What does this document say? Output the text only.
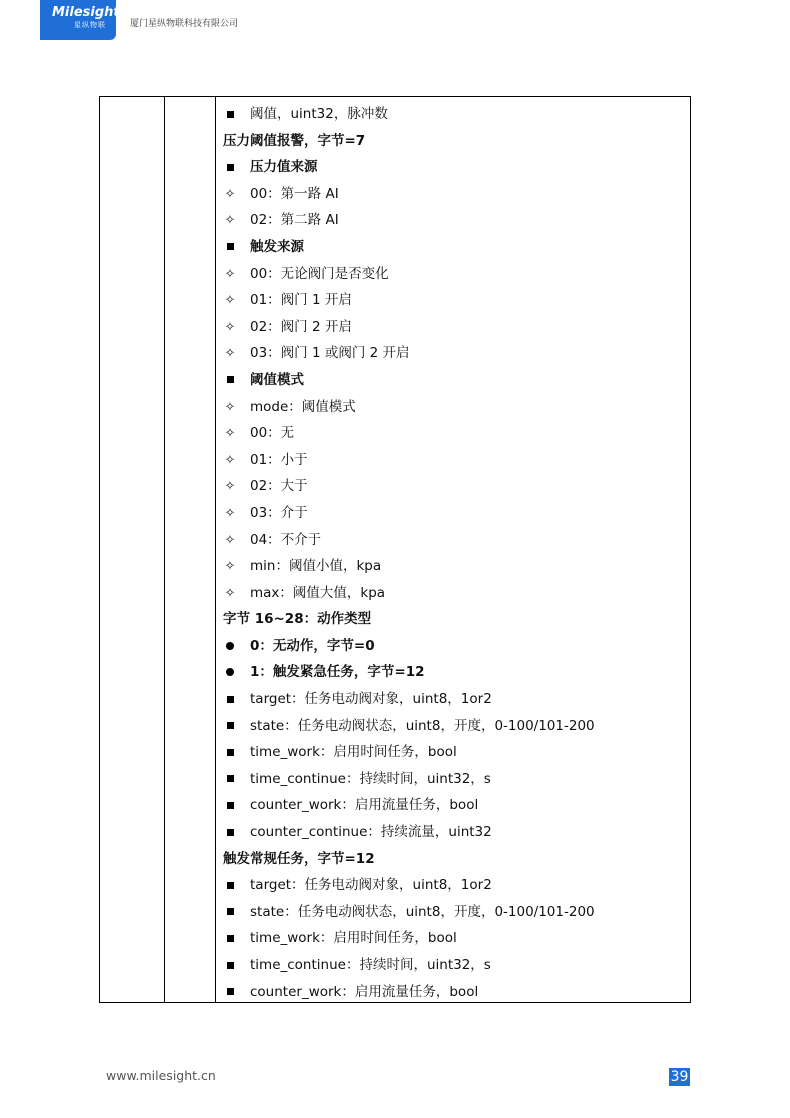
Milesight
星纵物联	厦门星纵物联科技有限公司
阈值，uint32，脉冲数
压力阈值报警，字节=7
压力值来源
✧ 00：第一路 AI
✧ 02：第二路 AI
触发来源
✧ 00：无论阀门是否变化
✧ 01：阀门 1 开启
✧ 02：阀门 2 开启
✧ 03：阀门 1 或阀门 2 开启
阈值模式
✧ mode：阈值模式
✧ 00：无
✧ 01：小于
✧ 02：大于
✧ 03：介于
✧ 04：不介于
✧ min：阈值小值，kpa
✧ max：阈值大值，kpa
字节 16~28：动作类型
0：无动作，字节=0
1：触发紧急任务，字节=12
target：任务电动阀对象，uint8，1or2
state：任务电动阀状态，uint8，开度，0-100/101-200
time_work：启用时间任务，bool
time_continue：持续时间，uint32，s
counter_work：启用流量任务，bool
counter_continue：持续流量，uint32
触发常规任务，字节=12
target：任务电动阀对象，uint8，1or2
state：任务电动阀状态，uint8，开度，0-100/101-200
time_work：启用时间任务，bool
time_continue：持续时间，uint32，s
counter_work：启用流量任务，bool
www.milesight.cn	39
